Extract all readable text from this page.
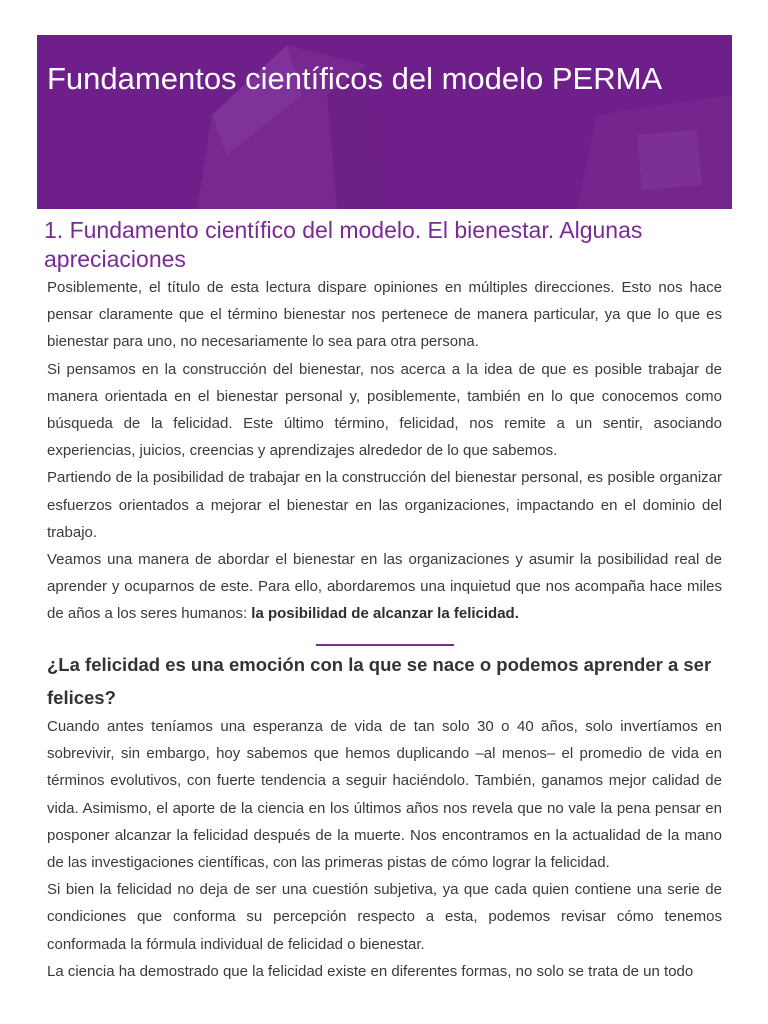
Fundamentos científicos del modelo PERMA
1. Fundamento científico del modelo. El bienestar. Algunas apreciaciones

Posiblemente, el título de esta lectura dispare opiniones en múltiples direcciones. Esto nos hace pensar claramente que el término bienestar nos pertenece de manera particular, ya que lo que es bienestar para uno, no necesariamente lo sea para otra persona.

Si pensamos en la construcción del bienestar, nos acerca a la idea de que es posible trabajar de manera orientada en el bienestar personal y, posiblemente, también en lo que conocemos como búsqueda de la felicidad. Este último término, felicidad, nos remite a un sentir, asociando experiencias, juicios, creencias y aprendizajes alrededor de lo que sabemos.

Partiendo de la posibilidad de trabajar en la construcción del bienestar personal, es posible organizar esfuerzos orientados a mejorar el bienestar en las organizaciones, impactando en el dominio del trabajo.

Veamos una manera de abordar el bienestar en las organizaciones y asumir la posibilidad real de aprender y ocuparnos de este. Para ello, abordaremos una inquietud que nos acompaña hace miles de años a los seres humanos: la posibilidad de alcanzar la felicidad.

¿La felicidad es una emoción con la que se nace o podemos aprender a ser felices?

Cuando antes teníamos una esperanza de vida de tan solo 30 o 40 años, solo invertíamos en sobrevivir, sin embargo, hoy sabemos que hemos duplicando –al menos– el promedio de vida en términos evolutivos, con fuerte tendencia a seguir haciéndolo. También, ganamos mejor calidad de vida. Asimismo, el aporte de la ciencia en los últimos años nos revela que no vale la pena pensar en posponer alcanzar la felicidad después de la muerte. Nos encontramos en la actualidad de la mano de las investigaciones científicas, con las primeras pistas de cómo lograr la felicidad.

Si bien la felicidad no deja de ser una cuestión subjetiva, ya que cada quien contiene una serie de condiciones que conforma su percepción respecto a esta, podemos revisar cómo tenemos conformada la fórmula individual de felicidad o bienestar.

La ciencia ha demostrado que la felicidad existe en diferentes formas, no solo se trata de un todo
